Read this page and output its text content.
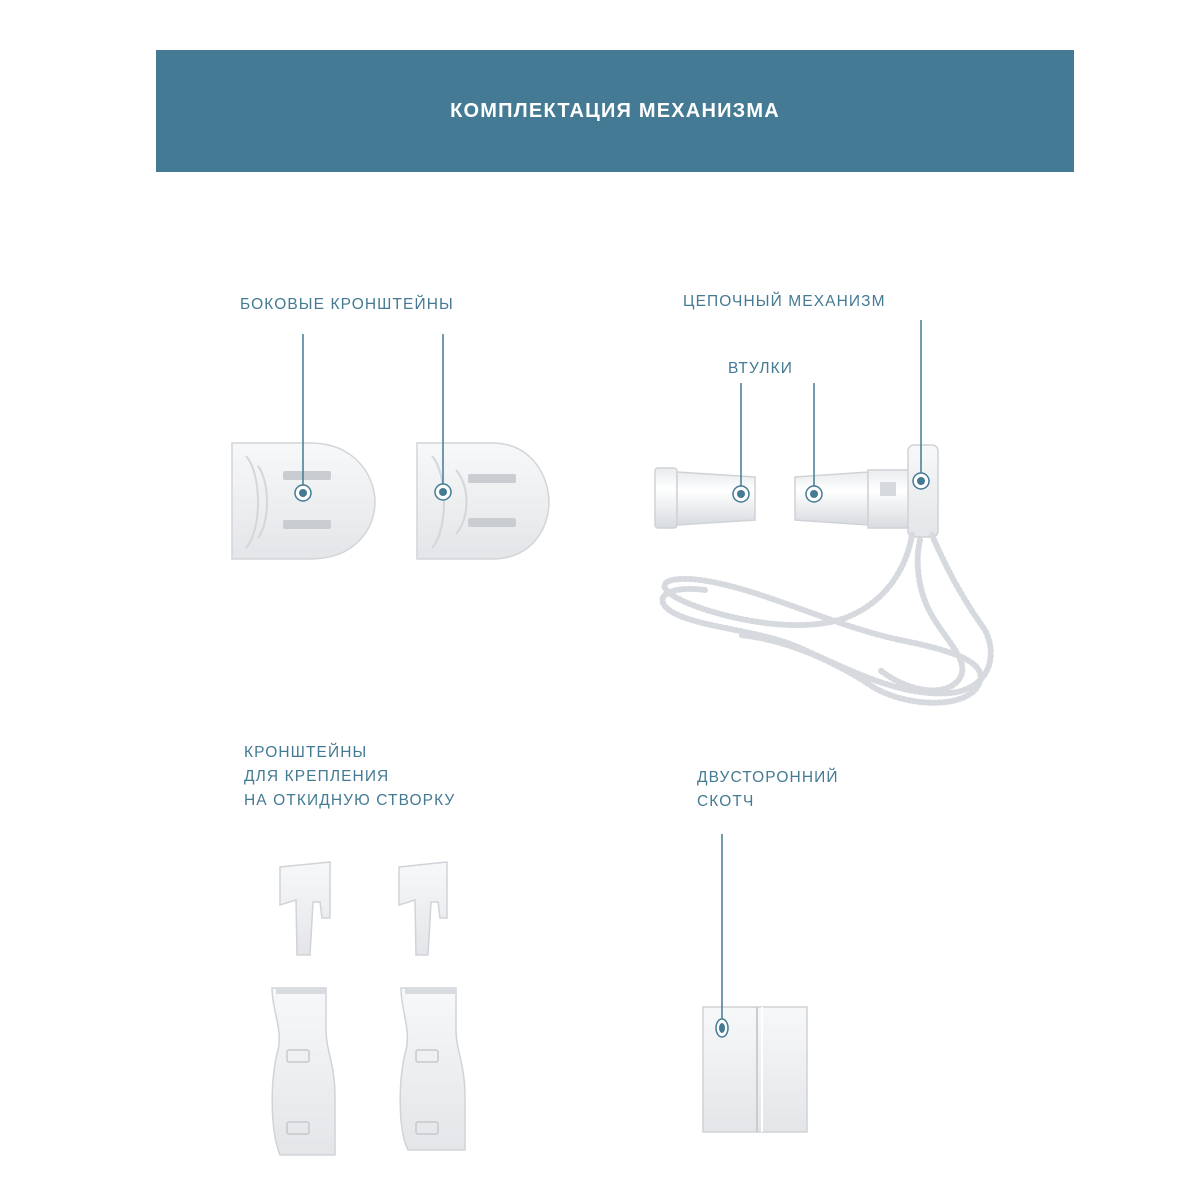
КОМПЛЕКТАЦИЯ МЕХАНИЗМА
БОКОВЫЕ КРОНШТЕЙНЫ	ЦЕПОЧНЫЙ МЕХАНИЗМ
ВТУЛКИ
КРОНШТЕЙНЫ
ДЛЯ КРЕПЛЕНИЯ
НА ОТКИДНУЮ СТВОРКУ
ДВУСТОРОННИЙ
СКОТЧ
